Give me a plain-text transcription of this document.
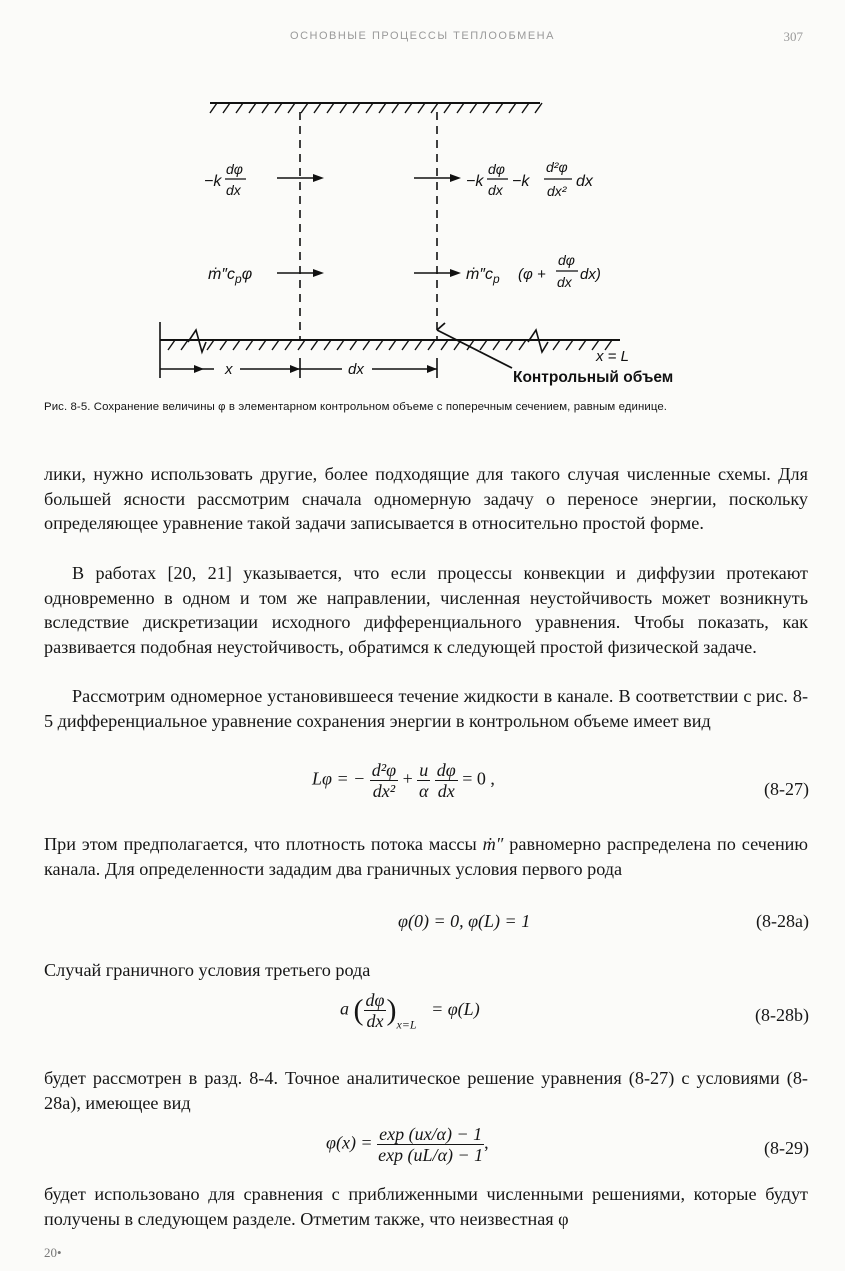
ОСНОВНЫЕ ПРОЦЕССЫ ТЕПЛООБМЕНА	307
−k
dφ
dx	−k
dφ
dx −k
d²φ
dx²
dx
$ṁ''c_p\varphi$	$ṁ''c_p$ (φ +
dφ
dx dx)
x	dx
x = L
Контрольный объем
Рис. 8-5. Сохранение величины φ в элементарном контрольном объеме с поперечным сечением, равным единице.
лики, нужно использовать другие, более подходящие для такого случая численные схемы. Для большей ясности рассмотрим сначала одномерную задачу о переносе энергии, поскольку определяющее уравнение такой задачи записывается в относительно простой форме.
В работах [20, 21] указывается, что если процессы конвекции и диффузии протекают одновременно в одном и том же направлении, численная неустойчивость может возникнуть вследствие дискретизации исходного дифференциального уравнения. Чтобы показать, как развивается подобная неустойчивость, обратимся к следующей простой физической задаче.
Рассмотрим одномерное установившееся течение жидкости в канале. В соответствии с рис. 8-5 дифференциальное уравнение сохранения энергии в контрольном объеме имеет вид
Lφ = − $\frac{\text{d²φ}}{\text{dx²}} + \frac{u}{\alpha}$
$\frac{d\varphi}{dx} = 0$ ,
(8-27)
При этом предполагается, что плотность потока массы ṁ″ равномерно распределена по сечению канала. Для определенности зададим два граничных условия первого рода
φ(0) = 0, φ(L) = 1	(8-28а)
Случай граничного условия третьего рода
a ( $\frac{d\varphi}{dx} )_{x=L} = \varphi(L)$	(8-28b)
будет рассмотрен в разд. 8-4. Точное аналитическое решение уравнения (8-27) с условиями (8-28а), имеющее вид
$\varphi(x) = \frac{\exp (ux/\alpha) - 1}{\exp (uL/\alpha) - 1}$ ,	(8-29)
будет использовано для сравнения с приближенными численными решениями, которые будут получены в следующем разделе. Отметим также, что неизвестная φ
20•
